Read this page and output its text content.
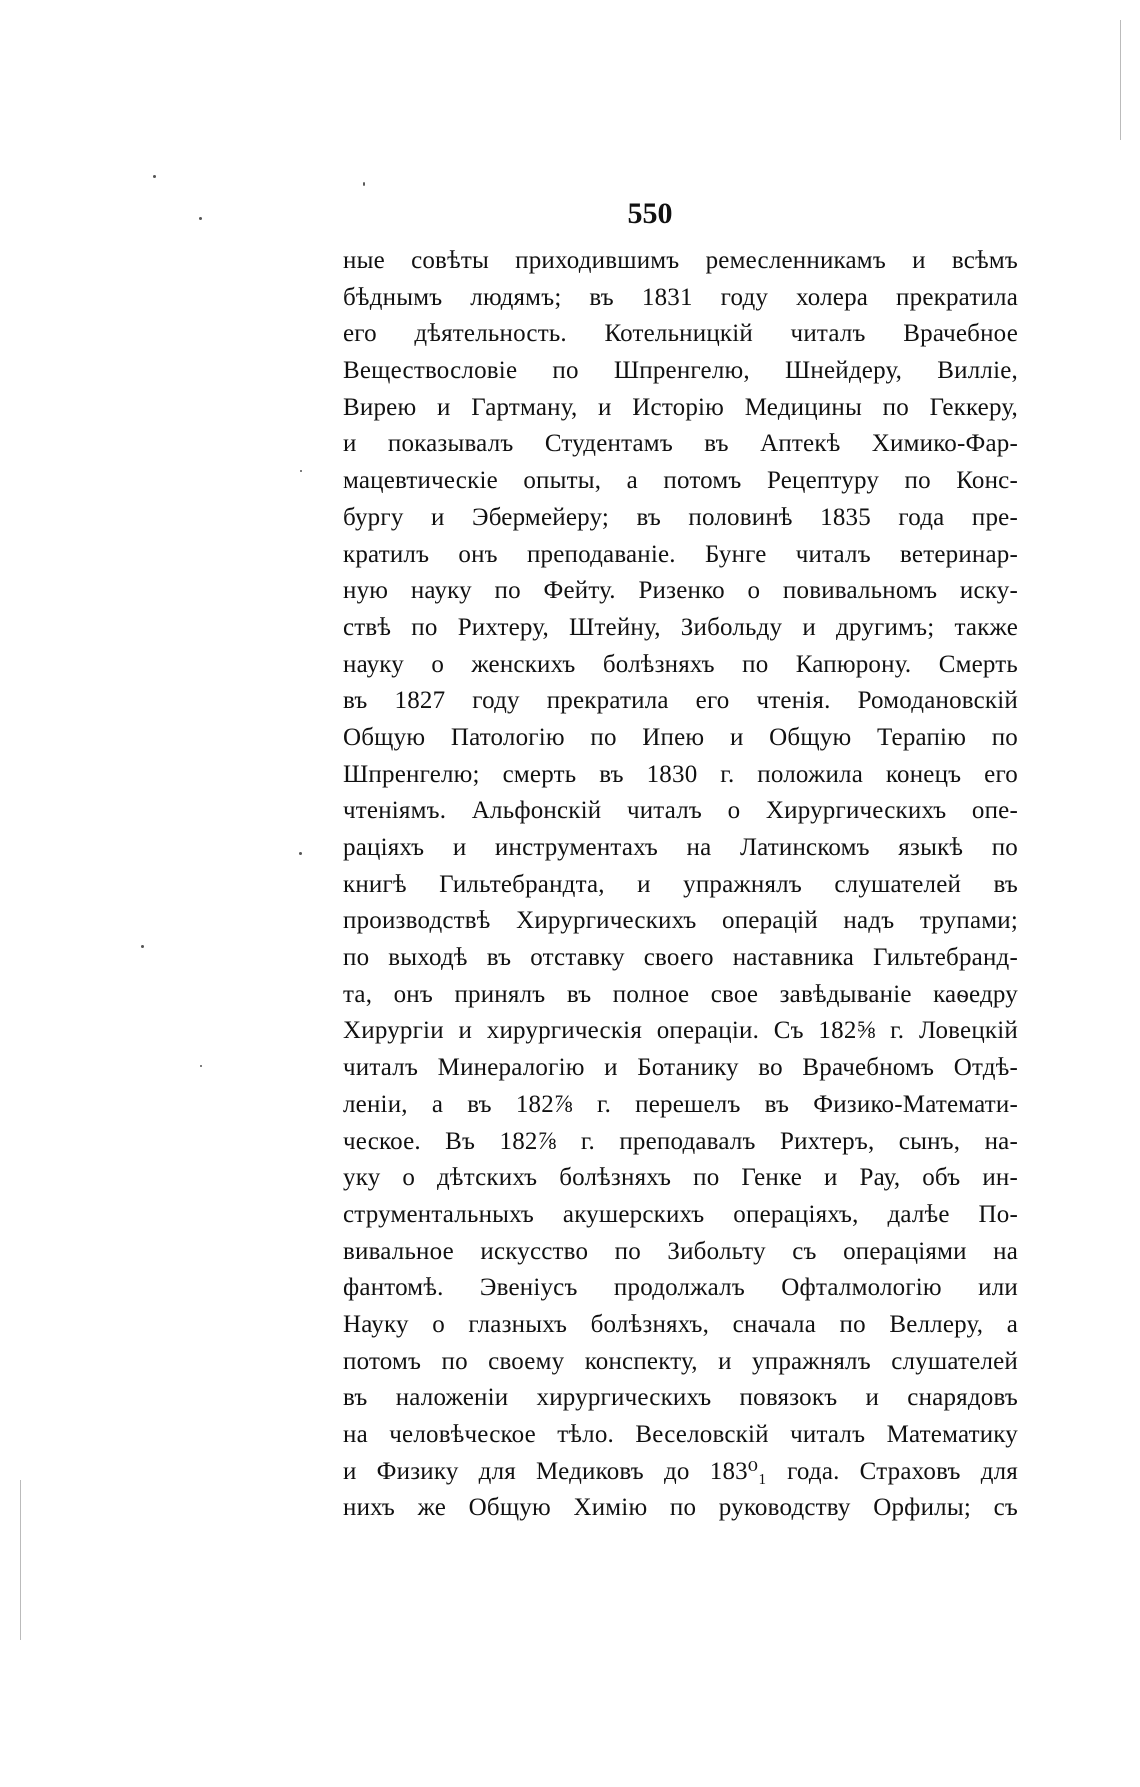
550
ные совѣты приходившимъ ремесленникамъ и всѣмъ
бѣднымъ людямъ; въ 1831 году холера прекратила
его дѣятельность. Котельницкій читалъ Врачебное
Веществословіе по Шпренгелю, Шнейдеру, Виллie,
Вирею и Гартману, и Исторію Медицины по Геккеру,
и показывалъ Студентамъ въ Аптекѣ Химико-Фар-
мацевтическіе опыты, а потомъ Рецептуру по Конс-
бургу и Эбермейеру; въ половинѣ 1835 года пре-
кратилъ онъ преподаваніе. Бунге читалъ ветеринар-
ную науку по Фейту. Ризенко о повивальномъ иску-
ствѣ по Рихтеру, Штейну, Зибольду и другимъ; также
науку о женскихъ болѣзняхъ по Капюрону. Смерть
въ 1827 году прекратила его чтенія. Ромодановскій
Общую Патологію по Ипею и Общую Терапію по
Шпренгелю; смерть въ 1830 г. положила конецъ его
чтеніямъ. Альфонскій читалъ о Хирургическихъ опе-
раціяхъ и инструментахъ на Латинскомъ языкѣ по
книгѣ Гильтебрандта, и упражнялъ слушателей въ
производствѣ Хирургическихъ операцій надъ трупами;
по выходѣ въ отставку своего наставника Гильтебранд-
та, онъ принялъ въ полное свое завѣдываніе каѳедру
Хирургіи и хирургическія операціи. Съ 182⅝ г. Ловецкій
читалъ Минералогію и Ботанику во Врачебномъ Отдѣ-
леніи, а въ 182⅞ г. перешелъ въ Физико-Математи-
ческое. Въ 182⅞ г. преподавалъ Рихтеръ, сынъ, на-
уку о дѣтскихъ болѣзняхъ по Генке и Рау, объ ин-
струментальныхъ акушерскихъ операціяхъ, далѣе По-
вивальное искусство по Зибольту съ операціями на
фантомѣ. Эвеніусъ продолжалъ Офталмологію или
Науку о глазныхъ болѣзняхъ, сначала по Веллеру, а
потомъ по своему конспекту, и упражнялъ слушателей
въ наложеніи хирургическихъ повязокъ и снарядовъ
на человѣческое тѣло. Веселовскій читалъ Математику
и Физику для Медиковъ до 183⁰₁ года. Страховъ для
нихъ же Общую Химію по руководству Орфилы; съ
